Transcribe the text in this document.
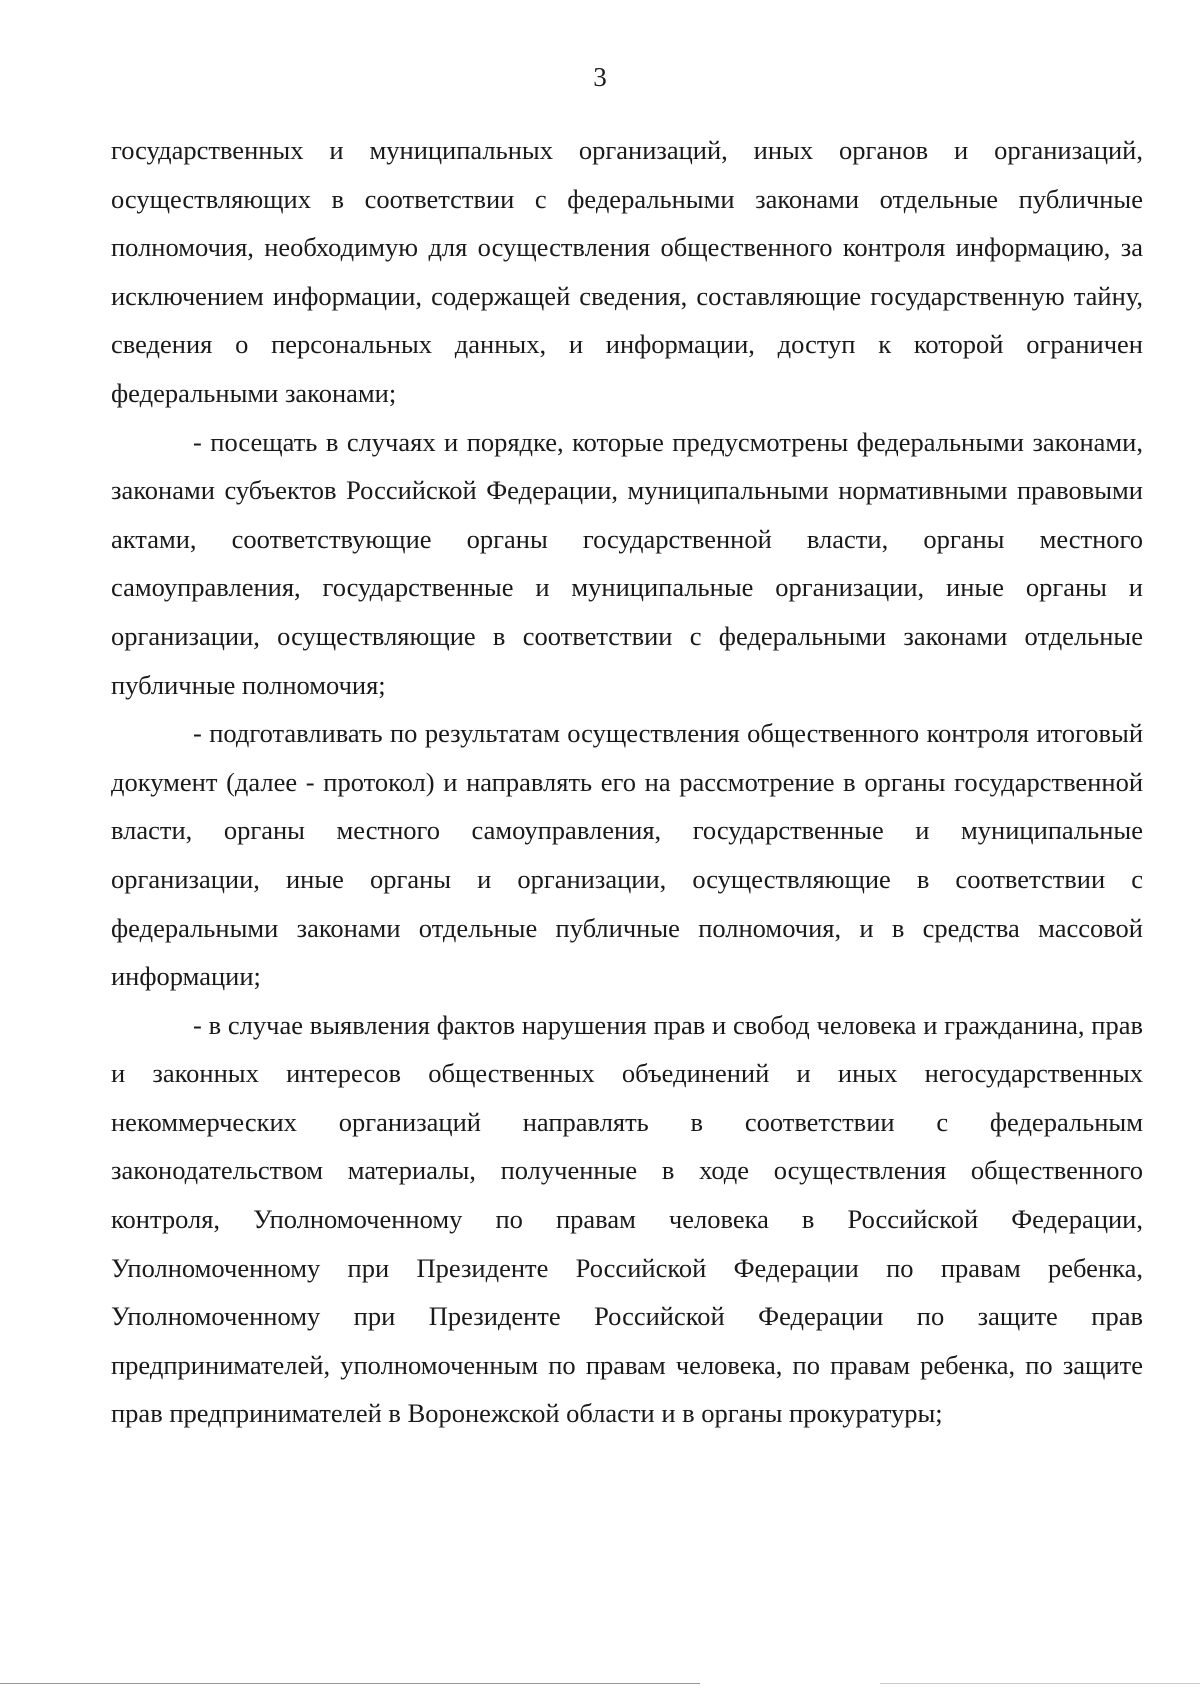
3

государственных и муниципальных организаций, иных органов и организаций, осуществляющих в соответствии с федеральными законами отдельные публичные полномочия, необходимую для осуществления общественного контроля информацию, за исключением информации, содержащей сведения, составляющие государственную тайну, сведения о персональных данных, и информации, доступ к которой ограничен федеральными законами;

- посещать в случаях и порядке, которые предусмотрены федеральными законами, законами субъектов Российской Федерации, муниципальными нормативными правовыми актами, соответствующие органы государственной власти, органы местного самоуправления, государственные и муниципальные организации, иные органы и организации, осуществляющие в соответствии с федеральными законами отдельные публичные полномочия;

- подготавливать по результатам осуществления общественного контроля итоговый документ (далее - протокол) и направлять его на рассмотрение в органы государственной власти, органы местного самоуправления, государственные и муниципальные организации, иные органы и организации, осуществляющие в соответствии с федеральными законами отдельные публичные полномочия, и в средства массовой информации;

- в случае выявления фактов нарушения прав и свобод человека и гражданина, прав и законных интересов общественных объединений и иных негосударственных некоммерческих организаций направлять в соответствии с федеральным законодательством материалы, полученные в ходе осуществления общественного контроля, Уполномоченному по правам человека в Российской Федерации, Уполномоченному при Президенте Российской Федерации по правам ребенка, Уполномоченному при Президенте Российской Федерации по защите прав предпринимателей, уполномоченным по правам человека, по правам ребенка, по защите прав предпринимателей в Воронежской области и в органы прокуратуры;
